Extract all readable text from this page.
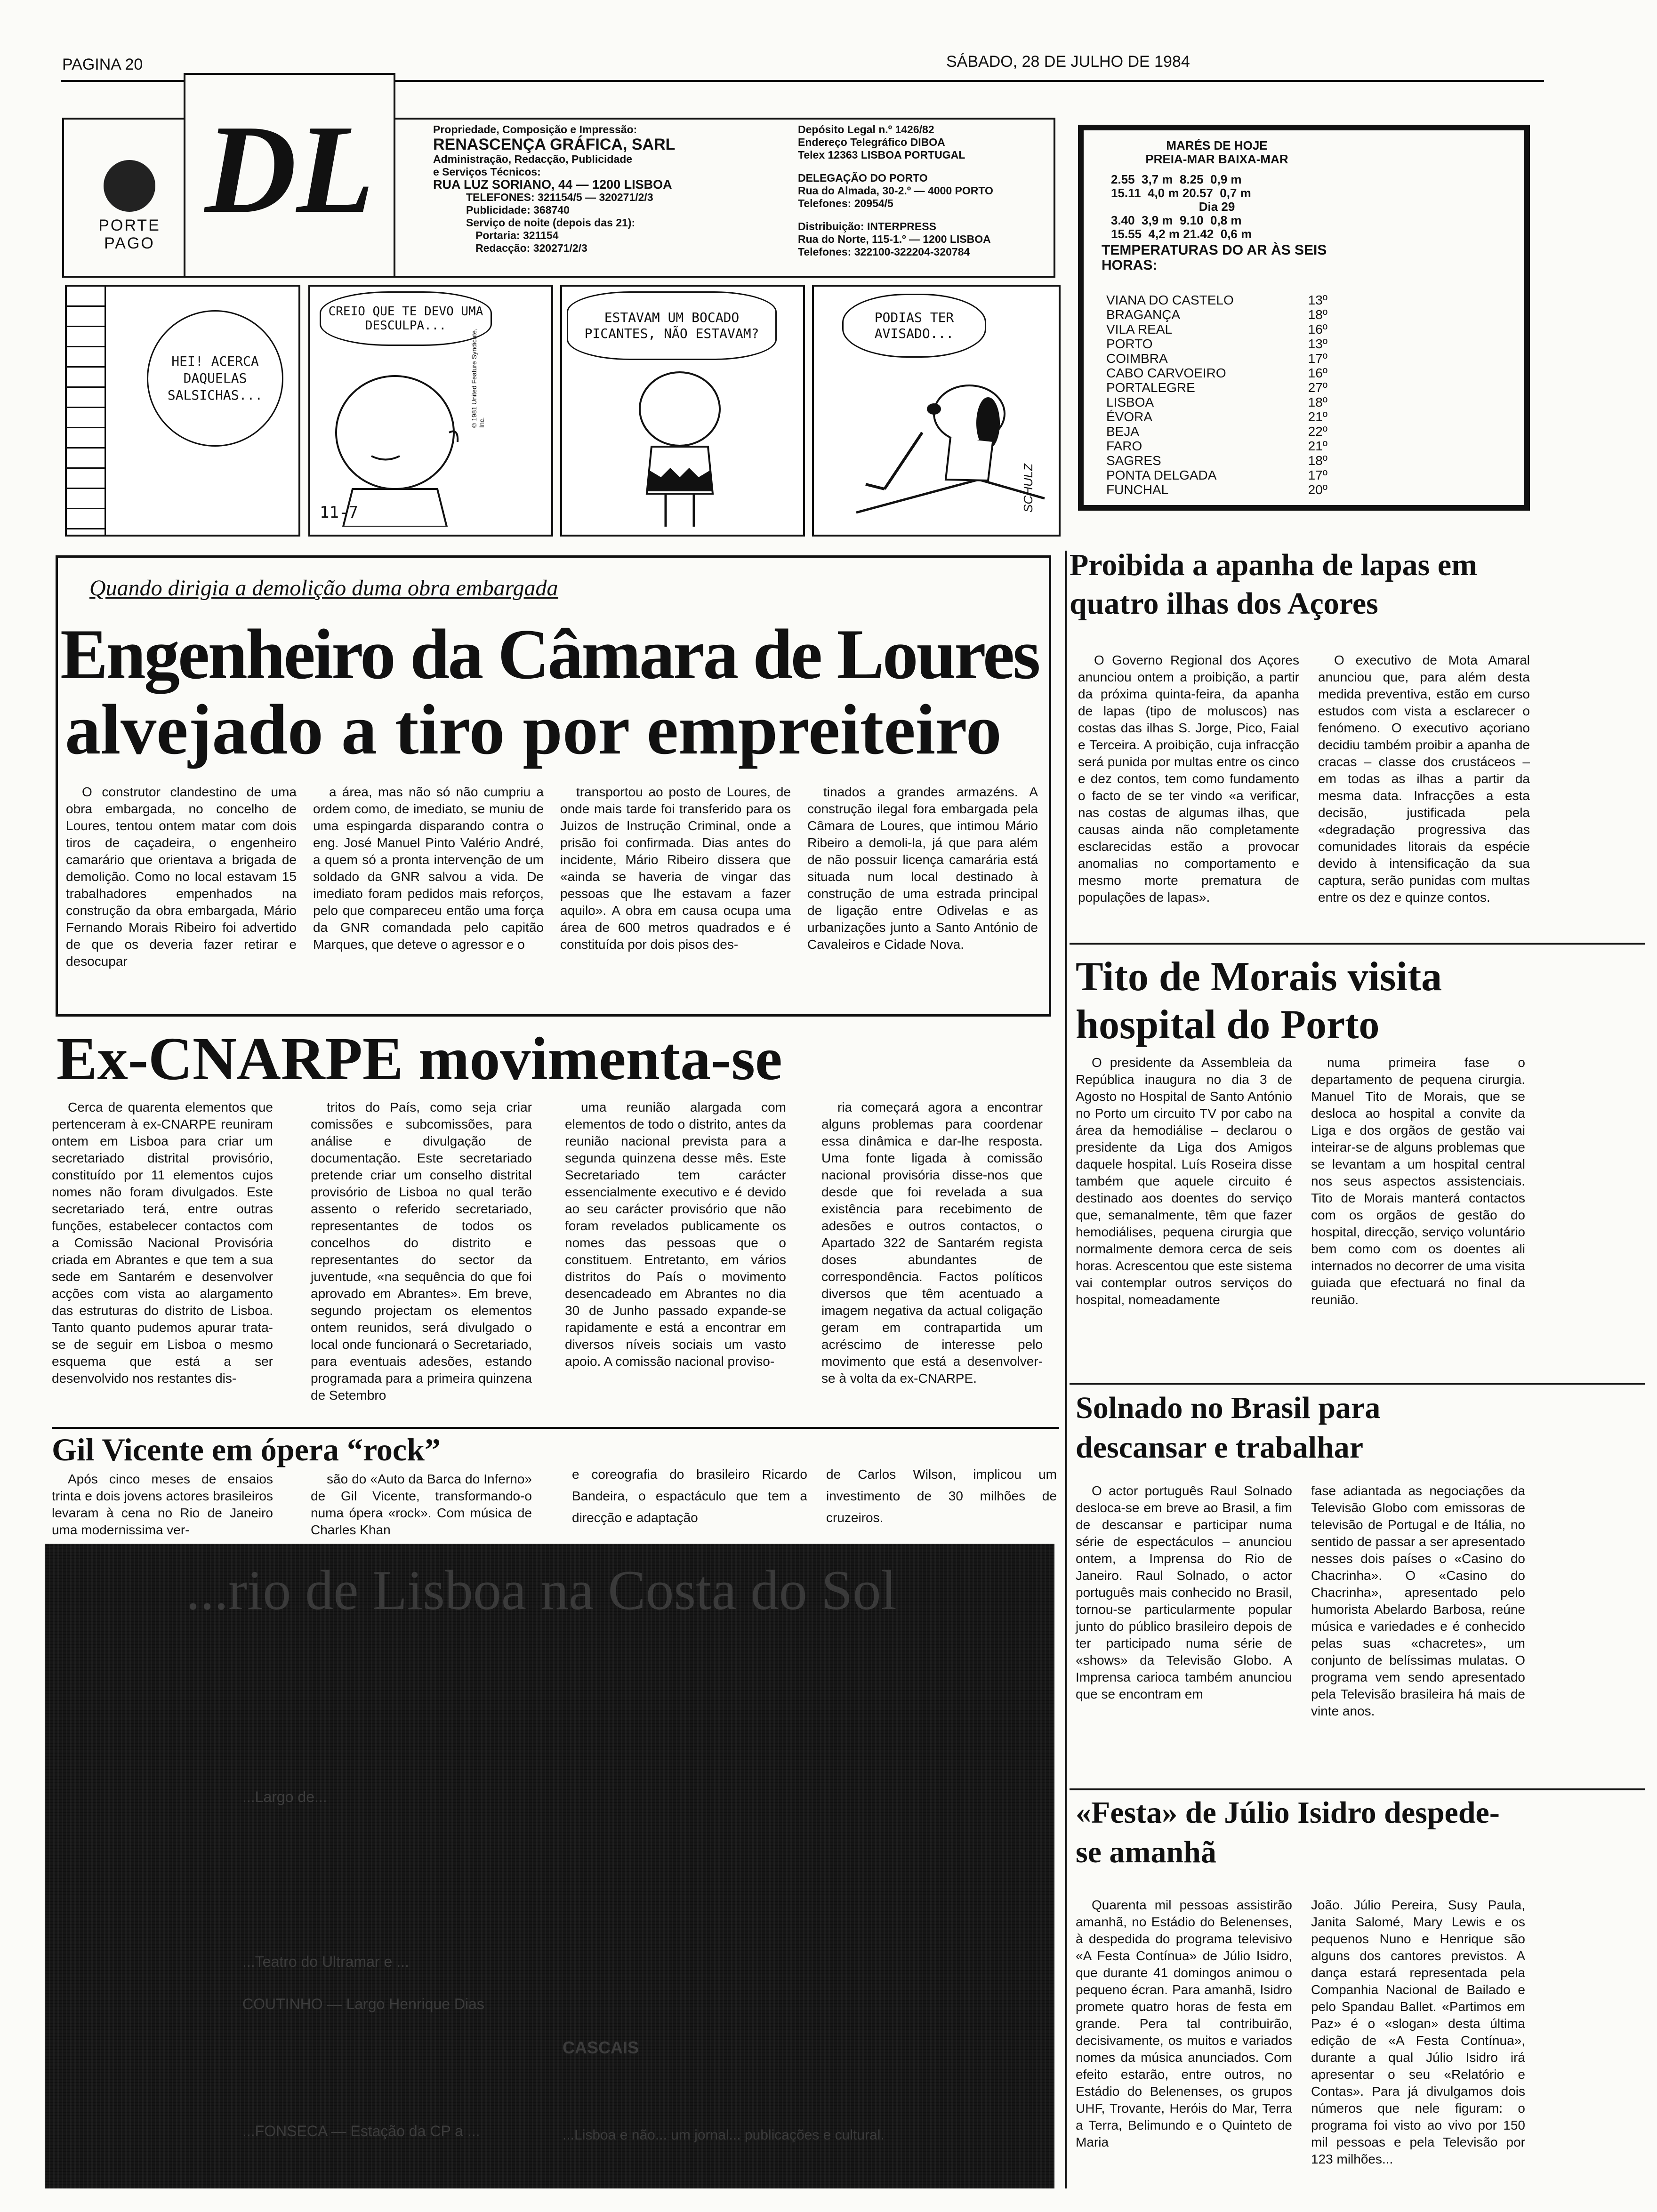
PAGINA 20	SÁBADO, 28 DE JULHO DE 1984
PORTE PAGO
DL	Propriedade, Composição e Impressão:
RENASCENÇA GRÁFICA, SARL
Administração, Redacção, Publicidade
e Serviços Técnicos:
RUA LUZ SORIANO, 44 — 1200 LISBOA
TELEFONES: 321154/5 — 320271/2/3
Publicidade: 368740
Serviço de noite (depois das 21):
Portaria: 321154
Redacção: 320271/2/3
Depósito Legal n.º 1426/82
Endereço Telegráfico DIBOA
Telex 12363 LISBOA PORTUGAL
DELEGAÇÃO DO PORTO
Rua do Almada, 30-2.º — 4000 PORTO
Telefones: 20954/5
Distribuição: INTERPRESS
Rua do Norte, 115-1.º — 1200 LISBOA
Telefones: 322100-322204-320784
MARÉS DE HOJE
PREIA-MAR BAIXA-MAR
2.55  3,7 m  8.25  0,9 m
15.11  4,0 m 20.57  0,7 m
Dia 29
3.40  3,9 m  9.10  0,8 m
15.55  4,2 m 21.42  0,6 m
TEMPERATURAS DO AR ÀS SEIS HORAS:
VIANA DO CASTELO	13º
BRAGANÇA	18º
VILA REAL	16º
PORTO	13º
COIMBRA	17º
CABO CARVOEIRO	16º
PORTALEGRE	27º
LISBOA	18º
ÉVORA	21º
BEJA	22º
FARO	21º
SAGRES	18º
PONTA DELGADA	17º
FUNCHAL	20º
HEI! ACERCA DAQUELAS SALSICHAS...
CREIO QUE TE DEVO UMA DESCULPA...
11-7
© 1981 United Feature Syndicate, Inc.
ESTAVAM UM BOCADO PICANTES, NÃO ESTAVAM?
PODIAS TER AVISADO...
SCHULZ
Quando dirigia a demolição duma obra embargada
Engenheiro da Câmara de Loures
alvejado a tiro por empreiteiro

O construtor clandestino de uma obra embargada, no concelho de Loures, tentou ontem matar com dois tiros de caçadeira, o engenheiro camarário que orientava a brigada de demolição. Como no local estavam 15 trabalhadores empenhados na construção da obra embargada, Mário Fernando Morais Ribeiro foi advertido de que os deveria fazer retirar e desocupar

a área, mas não só não cumpriu a ordem como, de imediato, se muniu de uma espingarda disparando contra o eng. José Manuel Pinto Valério André, a quem só a pronta intervenção de um soldado da GNR salvou a vida. De imediato foram pedidos mais reforços, pelo que compareceu então uma força da GNR comandada pelo capitão Marques, que deteve o agressor e o

transportou ao posto de Loures, de onde mais tarde foi transferido para os Juizos de Instrução Criminal, onde a prisão foi confirmada. Dias antes do incidente, Mário Ribeiro dissera que «ainda se haveria de vingar das pessoas que lhe estavam a fazer aquilo». A obra em causa ocupa uma área de 600 metros quadrados e é constituída por dois pisos des-

tinados a grandes armazéns. A construção ilegal fora embargada pela Câmara de Loures, que intimou Mário Ribeiro a demoli-la, já que para além de não possuir licença camarária está situada num local destinado à construção de uma estrada principal de ligação entre Odivelas e as urbanizações junto a Santo António de Cavaleiros e Cidade Nova.

Ex-CNARPE movimenta-se

Cerca de quarenta elementos que pertenceram à ex-CNARPE reuniram ontem em Lisboa para criar um secretariado distrital provisório, constituído por 11 elementos cujos nomes não foram divulgados. Este secretariado terá, entre outras funções, estabelecer contactos com a Comissão Nacional Provisória criada em Abrantes e que tem a sua sede em Santarém e desenvolver acções com vista ao alargamento das estruturas do distrito de Lisboa. Tanto quanto pudemos apurar trata-se de seguir em Lisboa o mesmo esquema que está a ser desenvolvido nos restantes dis-

tritos do País, como seja criar comissões e subcomissões, para análise e divulgação de documentação. Este secretariado pretende criar um conselho distrital provisório de Lisboa no qual terão assento o referido secretariado, representantes de todos os concelhos do distrito e representantes do sector da juventude, «na sequência do que foi aprovado em Abrantes». Em breve, segundo projectam os elementos ontem reunidos, será divulgado o local onde funcionará o Secretariado, para eventuais adesões, estando programada para a primeira quinzena de Setembro

uma reunião alargada com elementos de todo o distrito, antes da reunião nacional prevista para a segunda quinzena desse mês. Este Secretariado tem carácter essencialmente executivo e é devido ao seu carácter provisório que não foram revelados publicamente os nomes das pessoas que o constituem. Entretanto, em vários distritos do País o movimento desencadeado em Abrantes no dia 30 de Junho passado expande-se rapidamente e está a encontrar em diversos níveis sociais um vasto apoio. A comissão nacional proviso-

ria começará agora a encontrar alguns problemas para coordenar essa dinâmica e dar-lhe resposta. Uma fonte ligada à comissão nacional provisória disse-nos que desde que foi revelada a sua existência para recebimento de adesões e outros contactos, o Apartado 322 de Santarém regista doses abundantes de correspondência. Factos políticos diversos que têm acentuado a imagem negativa da actual coligação geram em contrapartida um acréscimo de interesse pelo movimento que está a desenvolver-se à volta da ex-CNARPE.

Gil Vicente em ópera “rock”

Após cinco meses de ensaios trinta e dois jovens actores brasileiros levaram à cena no Rio de Janeiro uma modernissima ver-

são do «Auto da Barca do Inferno» de Gil Vicente, transformando-o numa ópera «rock». Com música de Charles Khan

e coreografia do brasileiro Ricardo Bandeira, o espactáculo que tem a direcção e adaptação

de Carlos Wilson, implicou um investimento de 30 milhões de cruzeiros.

...rio de Lisboa na Costa do Sol
...Largo de...
...Teatro do Ultramar e ...
COUTINHO — Largo Henrique Dias
...FONSECA — Estação da CP a ...
CASCAIS
...Lisboa e não... um jornal... publicações e cultural.
Proibida a apanha de lapas em quatro ilhas dos Açores

O Governo Regional dos Açores anunciou ontem a proibição, a partir da próxima quinta-feira, da apanha de lapas (tipo de moluscos) nas costas das ilhas S. Jorge, Pico, Faial e Terceira. A proibição, cuja infracção será punida por multas entre os cinco e dez contos, tem como fundamento o facto de se ter vindo «a verificar, nas costas de algumas ilhas, que causas ainda não completamente esclarecidas estão a provocar anomalias no comportamento e mesmo morte prematura de populações de lapas».

O executivo de Mota Amaral anunciou que, para além desta medida preventiva, estão em curso estudos com vista a esclarecer o fenómeno. O executivo açoriano decidiu também proibir a apanha de cracas – classe dos crustáceos – em todas as ilhas a partir da mesma data. Infracções a esta decisão, justificada pela «degradação progressiva das comunidades litorais da espécie devido à intensificação da sua captura, serão punidas com multas entre os dez e quinze contos.

Tito de Morais visita hospital do Porto

O presidente da Assembleia da República inaugura no dia 3 de Agosto no Hospital de Santo António no Porto um circuito TV por cabo na área da hemodiálise – declarou o presidente da Liga dos Amigos daquele hospital. Luís Roseira disse também que aquele circuito é destinado aos doentes do serviço que, semanalmente, têm que fazer hemodiálises, pequena cirurgia que normalmente demora cerca de seis horas. Acrescentou que este sistema vai contemplar outros serviços do hospital, nomeadamente

numa primeira fase o departamento de pequena cirurgia. Manuel Tito de Morais, que se desloca ao hospital a convite da Liga e dos orgãos de gestão vai inteirar-se de alguns problemas que se levantam a um hospital central nos seus aspectos assistenciais. Tito de Morais manterá contactos com os orgãos de gestão do hospital, direcção, serviço voluntário bem como com os doentes ali internados no decorrer de uma visita guiada que efectuará no final da reunião.

Solnado no Brasil para descansar e trabalhar

O actor português Raul Solnado desloca-se em breve ao Brasil, a fim de descansar e participar numa série de espectáculos – anunciou ontem, a Imprensa do Rio de Janeiro. Raul Solnado, o actor português mais conhecido no Brasil, tornou-se particularmente popular junto do público brasileiro depois de ter participado numa série de «shows» da Televisão Globo. A Imprensa carioca também anunciou que se encontram em

fase adiantada as negociações da Televisão Globo com emissoras de televisão de Portugal e de Itália, no sentido de passar a ser apresentado nesses dois países o «Casino do Chacrinha». O «Casino do Chacrinha», apresentado pelo humorista Abelardo Barbosa, reúne música e variedades e é conhecido pelas suas «chacretes», um conjunto de belíssimas mulatas. O programa vem sendo apresentado pela Televisão brasileira há mais de vinte anos.

«Festa» de Júlio Isidro despede-se amanhã

Quarenta mil pessoas assistirão amanhã, no Estádio do Belenenses, à despedida do programa televisivo «A Festa Contínua» de Júlio Isidro, que durante 41 domingos animou o pequeno écran. Para amanhã, Isidro promete quatro horas de festa em grande. Pera tal contribuirão, decisivamente, os muitos e variados nomes da música anunciados. Com efeito estarão, entre outros, no Estádio do Belenenses, os grupos UHF, Trovante, Heróis do Mar, Terra a Terra, Belimundo e o Quinteto de Maria

João. Júlio Pereira, Susy Paula, Janita Salomé, Mary Lewis e os pequenos Nuno e Henrique são alguns dos cantores previstos. A dança estará representada pela Companhia Nacional de Bailado e pelo Spandau Ballet. «Partimos em Paz» é o «slogan» desta última edição de «A Festa Contínua», durante a qual Júlio Isidro irá apresentar o seu «Relatório e Contas». Para já divulgamos dois números que nele figuram: o programa foi visto ao vivo por 150 mil pessoas e pela Televisão por 123 milhões...
